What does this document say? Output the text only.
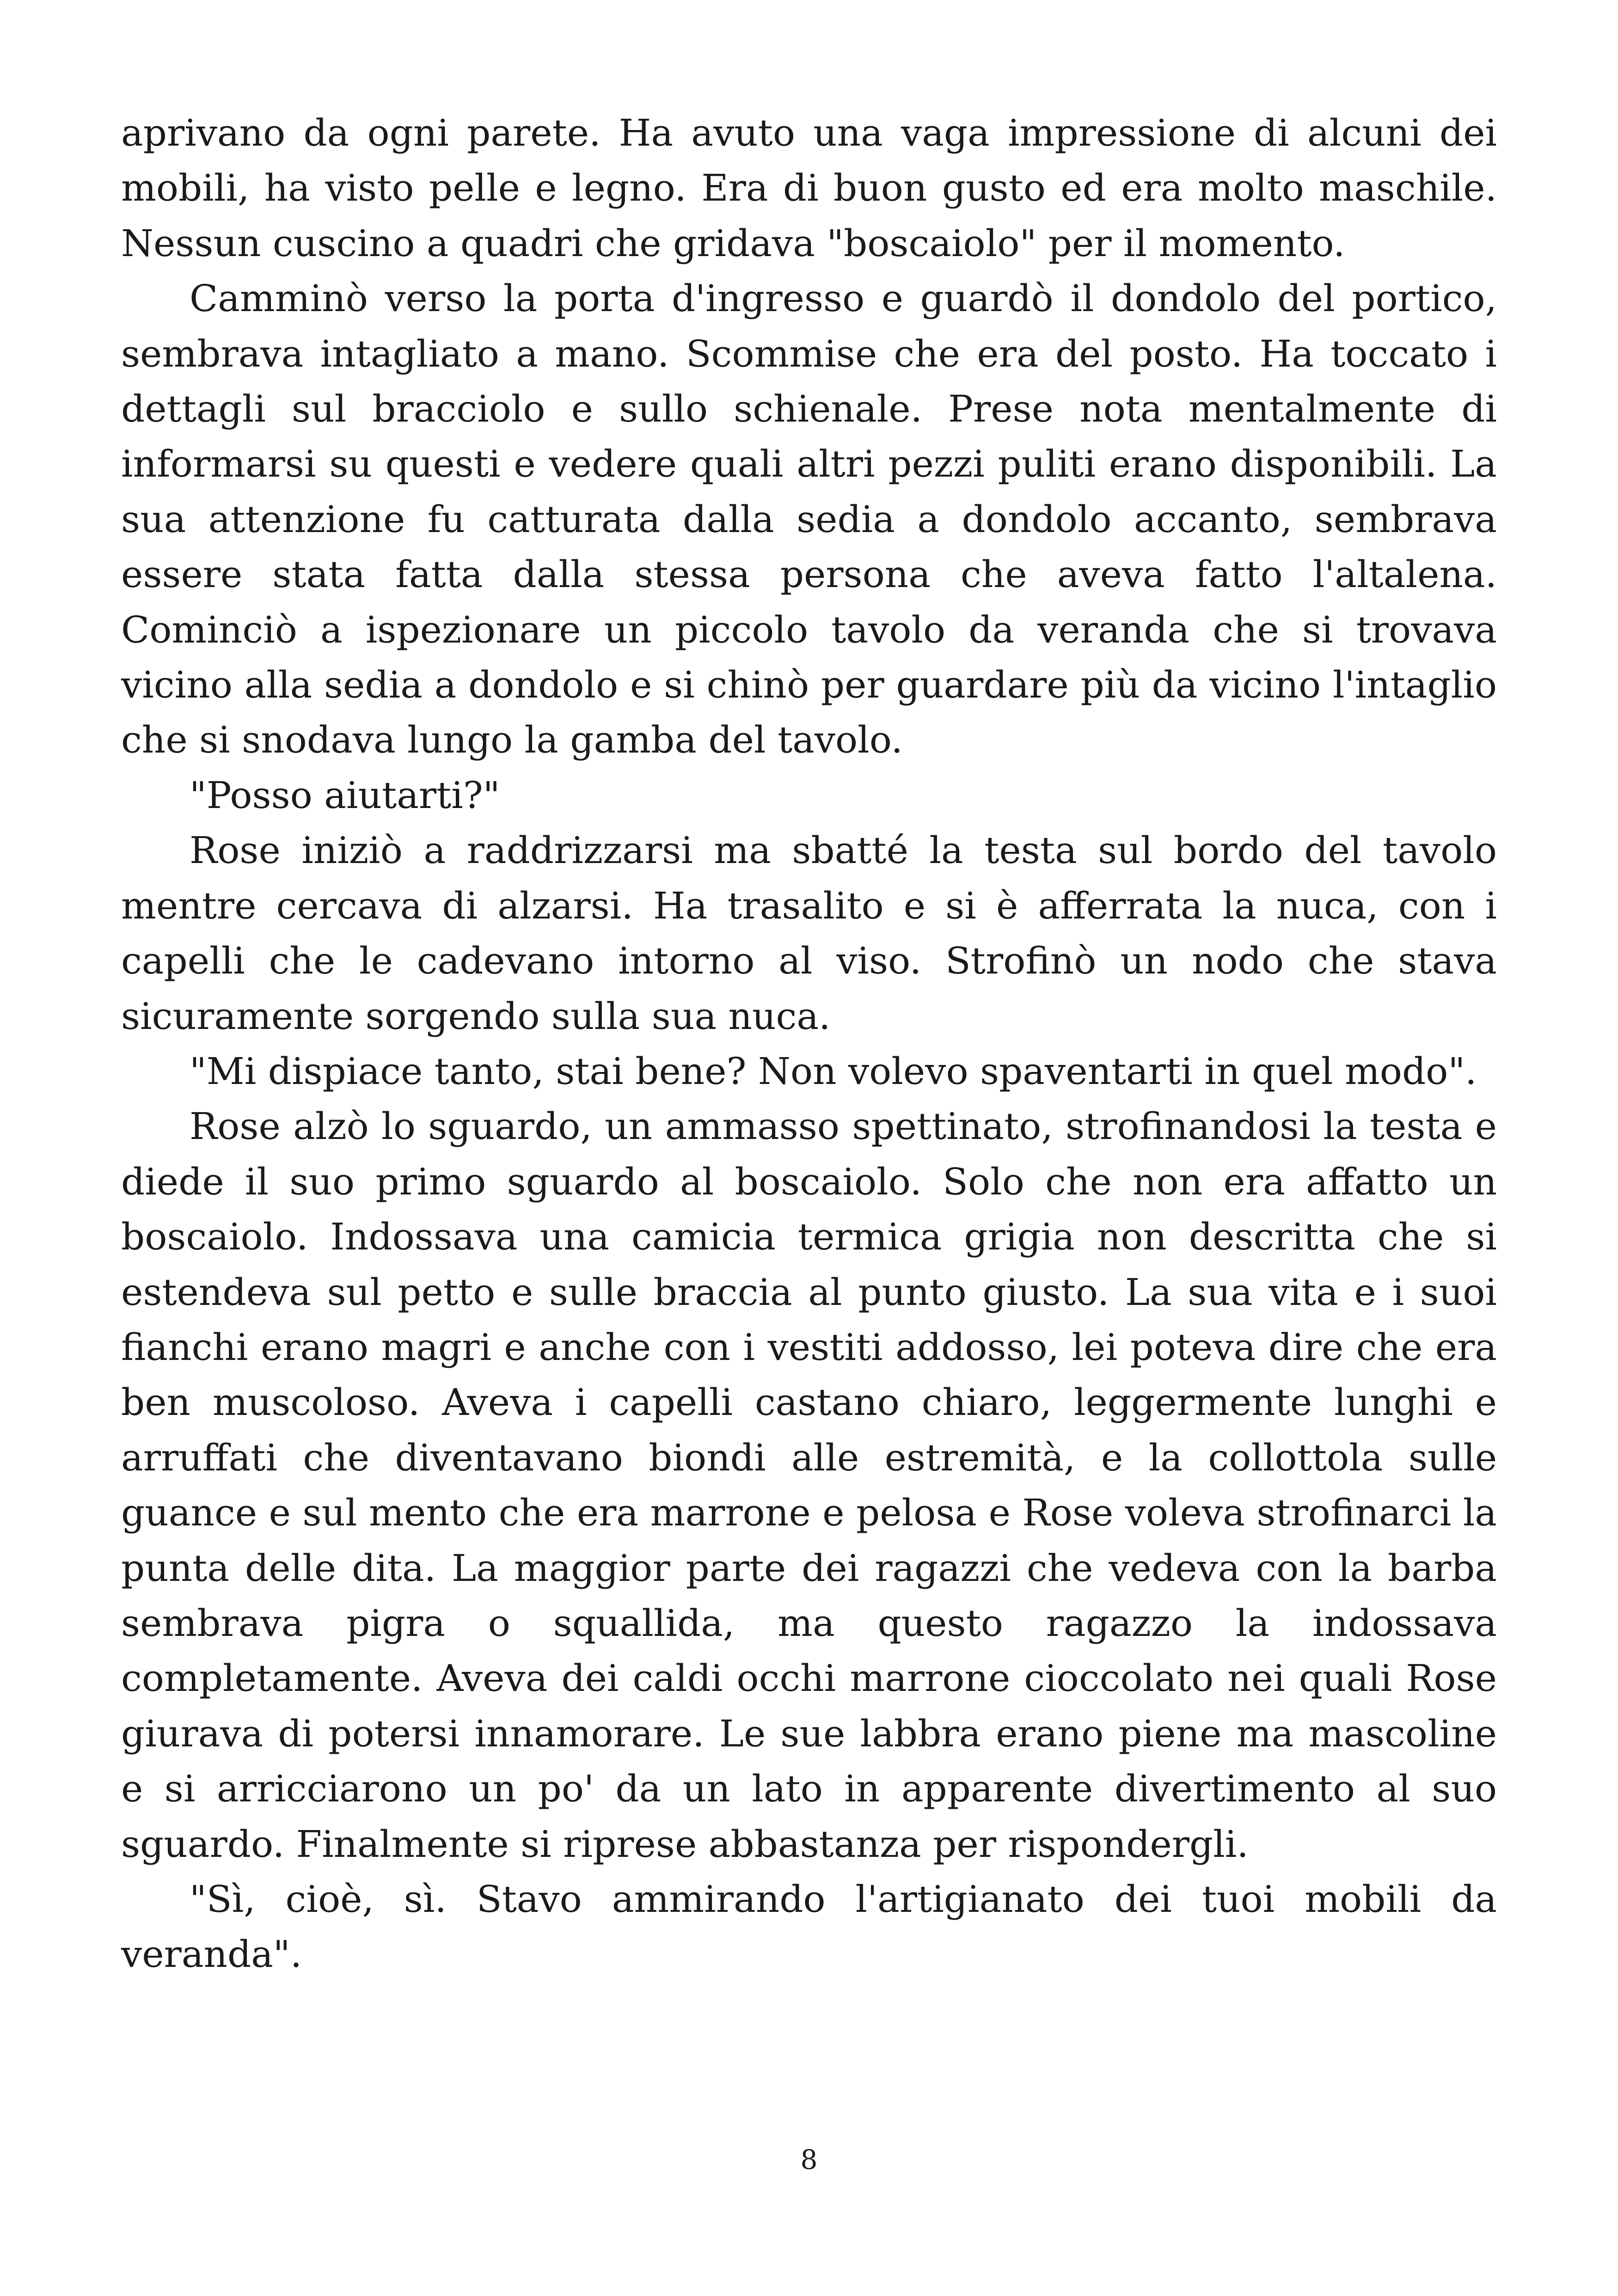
aprivano da ogni parete. Ha avuto una vaga impressione di alcuni dei mobili, ha visto pelle e legno. Era di buon gusto ed era molto maschile. Nessun cuscino a quadri che gridava "boscaiolo" per il momento.

Camminò verso la porta d'ingresso e guardò il dondolo del portico, sembrava intagliato a mano. Scommise che era del posto. Ha toccato i dettagli sul bracciolo e sullo schienale. Prese nota mentalmente di informarsi su questi e vedere quali altri pezzi puliti erano disponibili. La sua attenzione fu catturata dalla sedia a dondolo accanto, sembrava essere stata fatta dalla stessa persona che aveva fatto l'altalena. Cominciò a ispezionare un piccolo tavolo da veranda che si trovava vicino alla sedia a dondolo e si chinò per guardare più da vicino l'intaglio che si snodava lungo la gamba del tavolo.

"Posso aiutarti?"

Rose iniziò a raddrizzarsi ma sbatté la testa sul bordo del tavolo mentre cercava di alzarsi. Ha trasalito e si è afferrata la nuca, con i capelli che le cadevano intorno al viso. Strofinò un nodo che stava sicuramente sorgendo sulla sua nuca.

"Mi dispiace tanto, stai bene? Non volevo spaventarti in quel modo".

Rose alzò lo sguardo, un ammasso spettinato, strofinandosi la testa e diede il suo primo sguardo al boscaiolo. Solo che non era affatto un boscaiolo. Indossava una camicia termica grigia non descritta che si estendeva sul petto e sulle braccia al punto giusto. La sua vita e i suoi fianchi erano magri e anche con i vestiti addosso, lei poteva dire che era ben muscoloso. Aveva i capelli castano chiaro, leggermente lunghi e arruffati che diventavano biondi alle estremità, e la collottola sulle guance e sul mento che era marrone e pelosa e Rose voleva strofinarci la punta delle dita. La maggior parte dei ragazzi che vedeva con la barba sembrava pigra o squallida, ma questo ragazzo la indossava completamente. Aveva dei caldi occhi marrone cioccolato nei quali Rose giurava di potersi innamorare. Le sue labbra erano piene ma mascoline e si arricciarono un po' da un lato in apparente divertimento al suo sguardo. Finalmente si riprese abbastanza per rispondergli.

"Sì, cioè, sì. Stavo ammirando l'artigianato dei tuoi mobili da veranda".

8
